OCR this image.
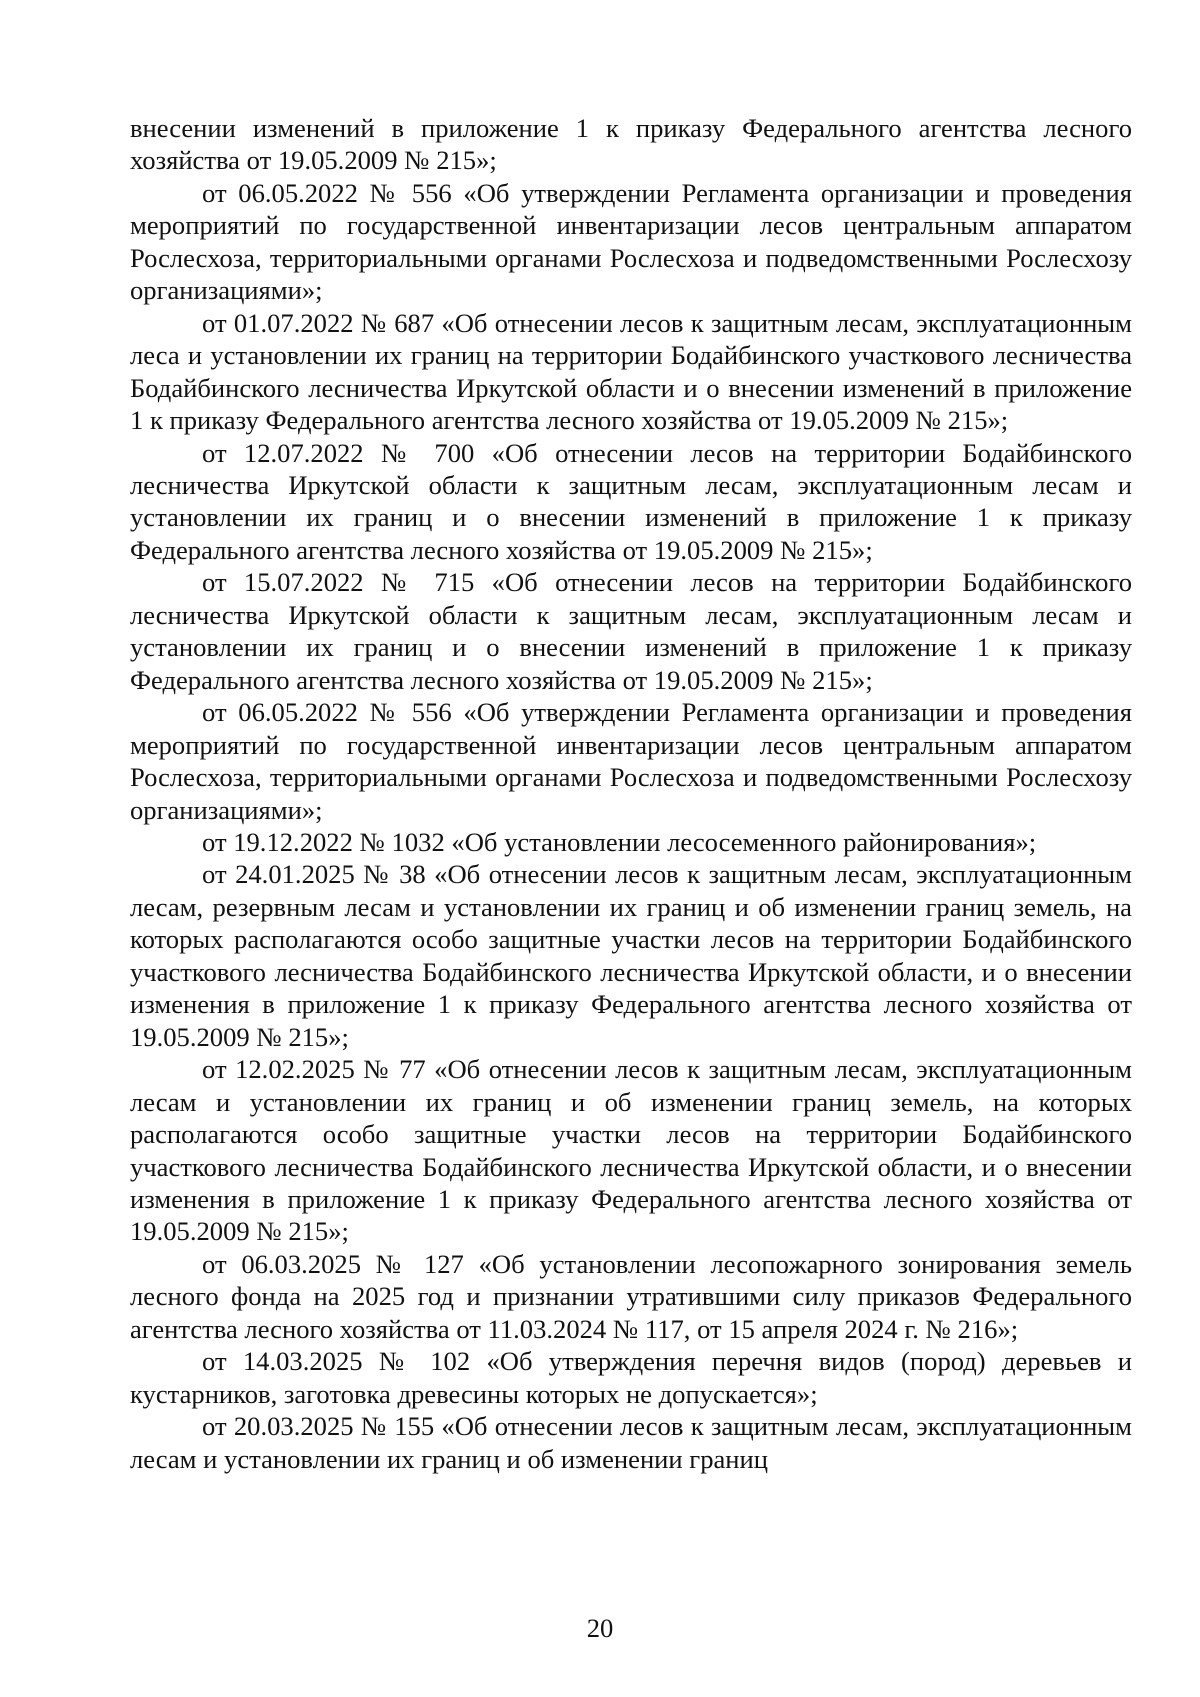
внесении изменений в приложение 1 к приказу Федерального агентства лесного хозяйства от 19.05.2009 № 215»;

от 06.05.2022 № 556 «Об утверждении Регламента организации и проведения мероприятий по государственной инвентаризации лесов центральным аппаратом Рослесхоза, территориальными органами Рослесхоза и подведомственными Рослесхозу организациями»;

от 01.07.2022 № 687 «Об отнесении лесов к защитным лесам, эксплуатационным леса и установлении их границ на территории Бодайбинского участкового лесничества Бодайбинского лесничества Иркутской области и о внесении изменений в приложение 1 к приказу Федерального агентства лесного хозяйства от 19.05.2009 № 215»;

от 12.07.2022 № 700 «Об отнесении лесов на территории Бодайбинского лесничества Иркутской области к защитным лесам, эксплуатационным лесам и установлении их границ и о внесении изменений в приложение 1 к приказу Федерального агентства лесного хозяйства от 19.05.2009 № 215»;

от 15.07.2022 № 715 «Об отнесении лесов на территории Бодайбинского лесничества Иркутской области к защитным лесам, эксплуатационным лесам и установлении их границ и о внесении изменений в приложение 1 к приказу Федерального агентства лесного хозяйства от 19.05.2009 № 215»;

от 06.05.2022 № 556 «Об утверждении Регламента организации и проведения мероприятий по государственной инвентаризации лесов центральным аппаратом Рослесхоза, территориальными органами Рослесхоза и подведомственными Рослесхозу организациями»;

от 19.12.2022 № 1032 «Об установлении лесосеменного районирования»;

от 24.01.2025 № 38 «Об отнесении лесов к защитным лесам, эксплуатационным лесам, резервным лесам и установлении их границ и об изменении границ земель, на которых располагаются особо защитные участки лесов на территории Бодайбинского участкового лесничества Бодайбинского лесничества Иркутской области, и о внесении изменения в приложение 1 к приказу Федерального агентства лесного хозяйства от 19.05.2009 № 215»;

от 12.02.2025 № 77 «Об отнесении лесов к защитным лесам, эксплуатационным лесам и установлении их границ и об изменении границ земель, на которых располагаются особо защитные участки лесов на территории Бодайбинского участкового лесничества Бодайбинского лесничества Иркутской области, и о внесении изменения в приложение 1 к приказу Федерального агентства лесного хозяйства от 19.05.2009 № 215»;

от 06.03.2025 № 127 «Об установлении лесопожарного зонирования земель лесного фонда на 2025 год и признании утратившими силу приказов Федерального агентства лесного хозяйства от 11.03.2024 № 117, от 15 апреля 2024 г. № 216»;

от 14.03.2025 № 102 «Об утверждения перечня видов (пород) деревьев и кустарников, заготовка древесины которых не допускается»;

от 20.03.2025 № 155 «Об отнесении лесов к защитным лесам, эксплуатационным лесам и установлении их границ и об изменении границ

20
